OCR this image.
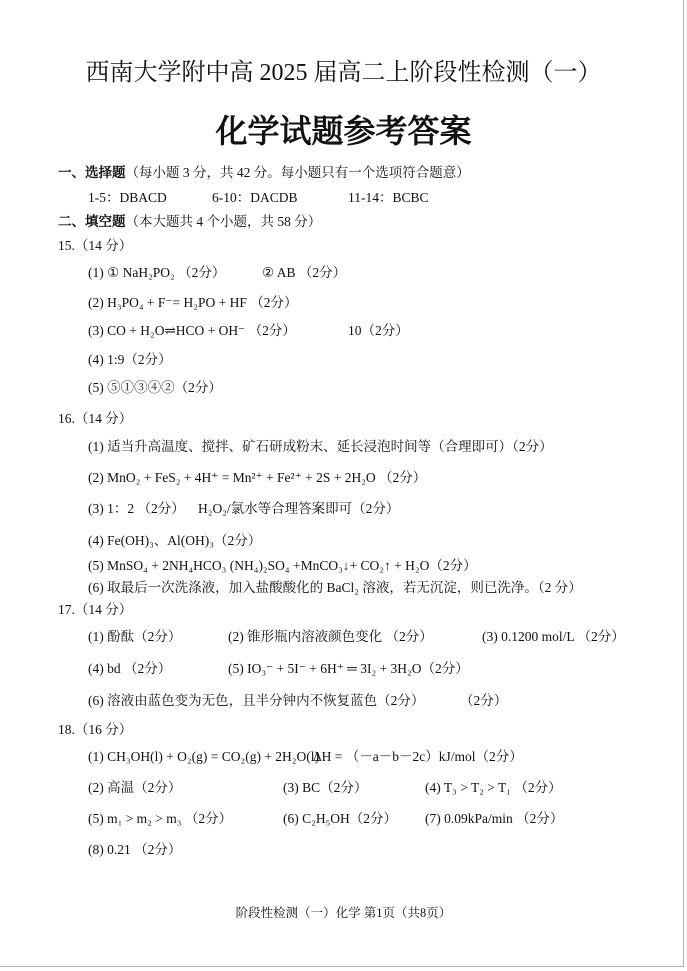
西南大学附中高 2025 届高二上阶段性检测（一）
化学试题参考答案
一、选择题（每小题 3 分，共 42 分。每小题只有一个选项符合题意）
1-5：DBACD	6-10：DACDB	11-14：BCBC
二、填空题（本大题共 4 个小题，共 58 分）
15.（14 分）
(1) ① NaH₂PO₂ （2分）	② AB （2分）
(2) H₃PO₄ + F⁻= H₂PO + HF （2分）
(3) CO + H₂O⇌HCO + OH⁻ （2分）	10（2分）
(4) 1:9（2分）
(5) ⑤①③④②（2分）
16.（14 分）
(1) 适当升高温度、搅拌、矿石研成粉末、延长浸泡时间等（合理即可）（2分）
(2) MnO₂ + FeS₂ + 4H⁺ = Mn²⁺ + Fe²⁺ + 2S + 2H₂O （2分）
(3) 1：2 （2分） H₂O₂/氯水等合理答案即可（2分）
(4) Fe(OH)₃、Al(OH)₃（2分）
(5) MnSO₄ + 2NH₄HCO₃ (NH₄)₂SO₄ +MnCO₃↓+ CO₂↑ + H₂O（2分）
(6) 取最后一次洗涤液，加入盐酸酸化的 BaCl₂ 溶液，若无沉淀，则已洗净。（2 分）
17.（14 分）
(1) 酚酞（2分）	(2) 锥形瓶内溶液颜色变化 （2分）	(3) 0.1200 mol/L （2分）
(4) bd （2分）	(5) IO₃⁻ + 5I⁻ + 6H⁺ ═ 3I₂ + 3H₂O（2分）
(6) 溶液由蓝色变为无色，且半分钟内不恢复蓝色（2分）	（2分）
18.（16 分）
(1) CH₃OH(l) + O₂(g) = CO₂(g) + 2H₂O(l)
ΔH = （－a－b－2c）kJ/mol（2分）
(2) 高温（2分）	(3) BC（2分）	(4) T₃ > T₂ > T₁ （2分）
(5) m₁ > m₂ > m₃ （2分）	(6) C₂H₅OH（2分） (7) 0.09kPa/min （2分）
(8) 0.21 （2分）
阶段性检测（一）化学 第1页（共8页）
